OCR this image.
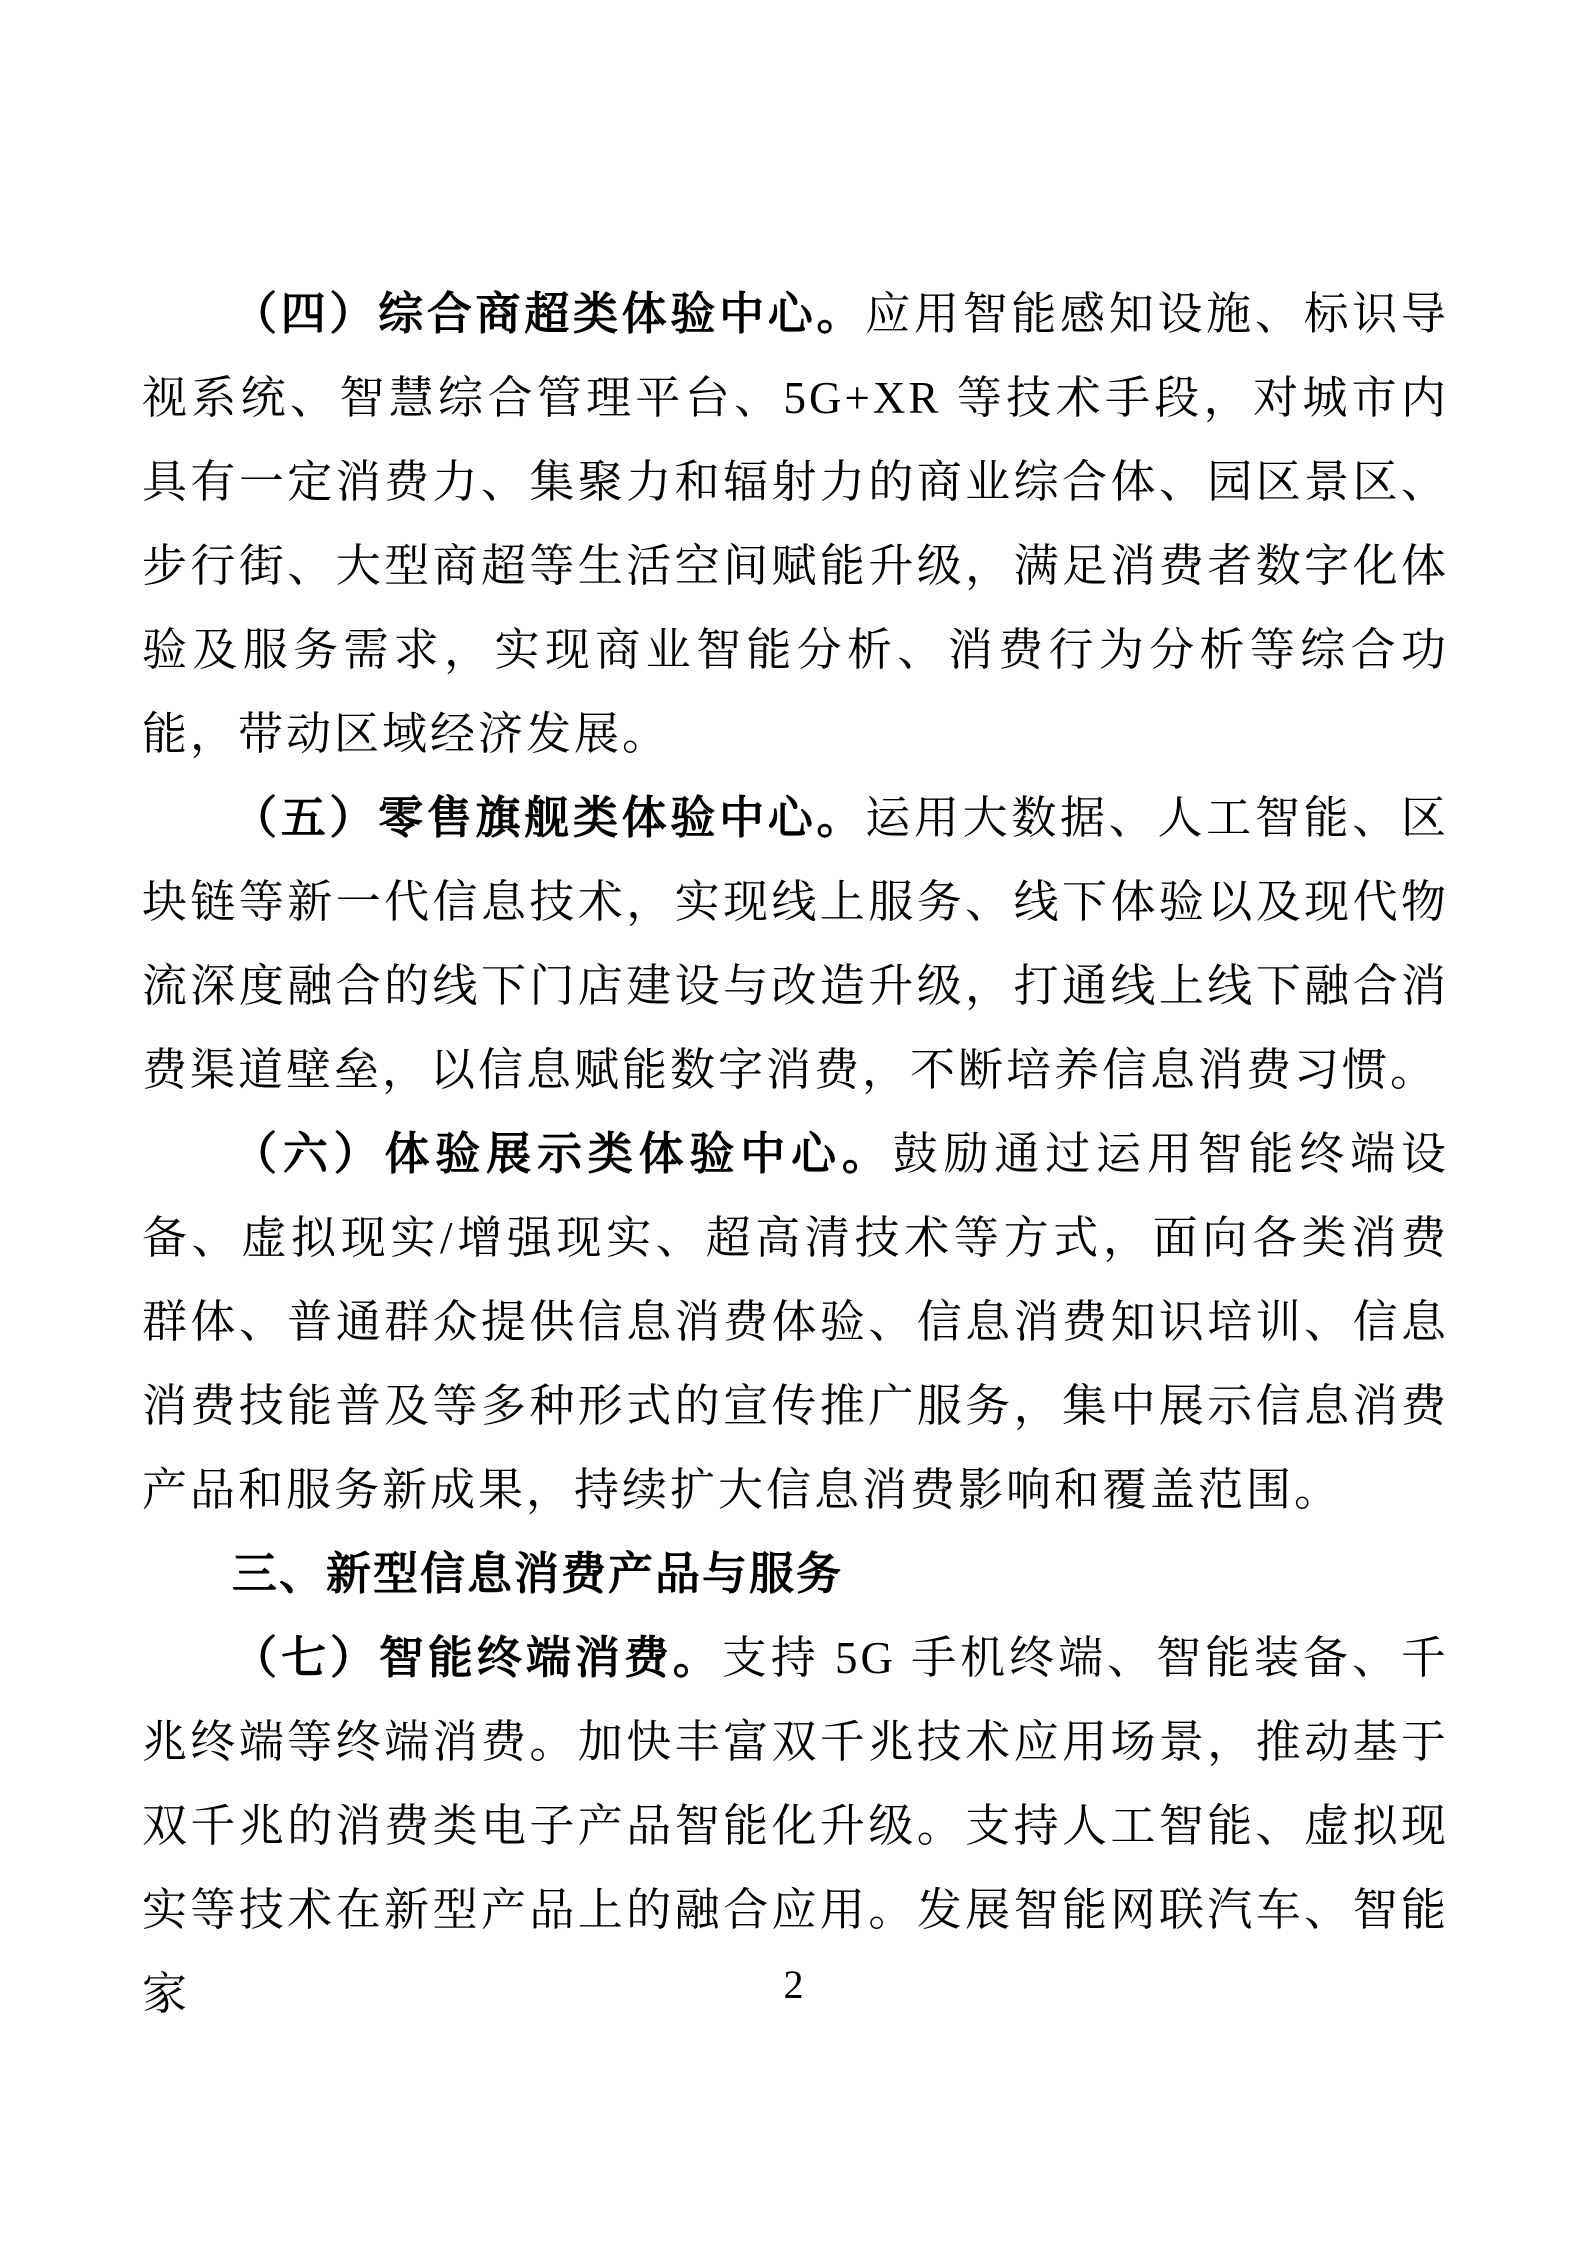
（四）综合商超类体验中心。应用智能感知设施、标识导视系统、智慧综合管理平台、5G+XR 等技术手段，对城市内具有一定消费力、集聚力和辐射力的商业综合体、园区景区、步行街、大型商超等生活空间赋能升级，满足消费者数字化体验及服务需求，实现商业智能分析、消费行为分析等综合功能，带动区域经济发展。

（五）零售旗舰类体验中心。运用大数据、人工智能、区块链等新一代信息技术，实现线上服务、线下体验以及现代物流深度融合的线下门店建设与改造升级，打通线上线下融合消费渠道壁垒，以信息赋能数字消费，不断培养信息消费习惯。

（六）体验展示类体验中心。鼓励通过运用智能终端设备、虚拟现实/增强现实、超高清技术等方式，面向各类消费群体、普通群众提供信息消费体验、信息消费知识培训、信息消费技能普及等多种形式的宣传推广服务，集中展示信息消费产品和服务新成果，持续扩大信息消费影响和覆盖范围。

三、新型信息消费产品与服务

（七）智能终端消费。支持 5G 手机终端、智能装备、千兆终端等终端消费。加快丰富双千兆技术应用场景，推动基于双千兆的消费类电子产品智能化升级。支持人工智能、虚拟现实等技术在新型产品上的融合应用。发展智能网联汽车、智能家	2
